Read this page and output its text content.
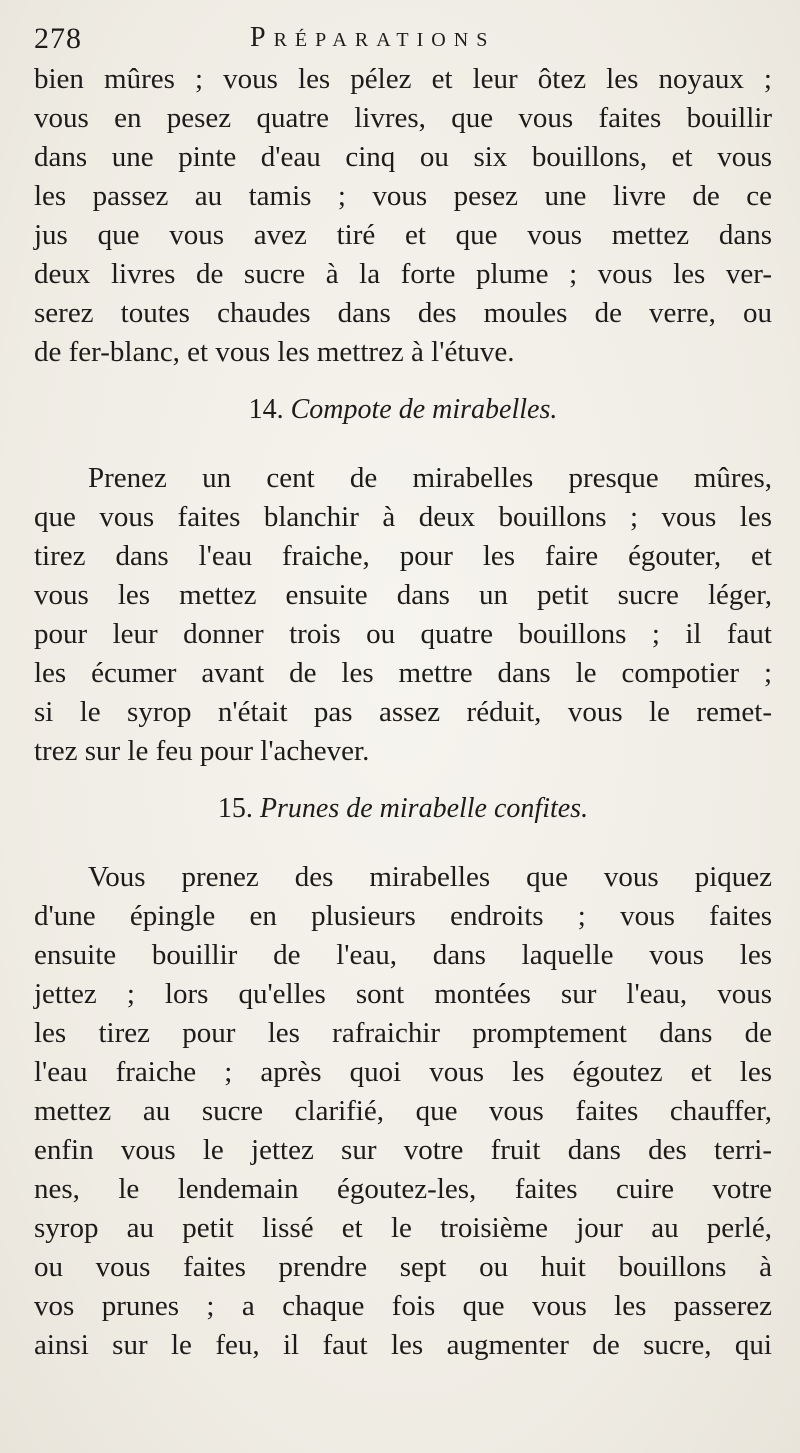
278	Préparations
bien mûres ; vous les pélez et leur ôtez les noyaux ;
vous en pesez quatre livres, que vous faites bouillir
dans une pinte d'eau cinq ou six bouillons, et vous
les passez au tamis ; vous pesez une livre de ce
jus que vous avez tiré et que vous mettez dans
deux livres de sucre à la forte plume ; vous les ver-
serez toutes chaudes dans des moules de verre, ou
de fer-blanc, et vous les mettrez à l'étuve.
14. Compote de mirabelles.
Prenez un cent de mirabelles presque mûres,
que vous faites blanchir à deux bouillons ; vous les
tirez dans l'eau fraiche, pour les faire égouter, et
vous les mettez ensuite dans un petit sucre léger,
pour leur donner trois ou quatre bouillons ; il faut
les écumer avant de les mettre dans le compotier ;
si le syrop n'était pas assez réduit, vous le remet-
trez sur le feu pour l'achever.
15. Prunes de mirabelle confites.
Vous prenez des mirabelles que vous piquez
d'une épingle en plusieurs endroits ; vous faites
ensuite bouillir de l'eau, dans laquelle vous les
jettez ; lors qu'elles sont montées sur l'eau, vous
les tirez pour les rafraichir promptement dans de
l'eau fraiche ; après quoi vous les égoutez et les
mettez au sucre clarifié, que vous faites chauffer,
enfin vous le jettez sur votre fruit dans des terri-
nes, le lendemain égoutez-les, faites cuire votre
syrop au petit lissé et le troisième jour au perlé,
ou vous faites prendre sept ou huit bouillons à
vos prunes ; a chaque fois que vous les passerez
ainsi sur le feu, il faut les augmenter de sucre, qui
